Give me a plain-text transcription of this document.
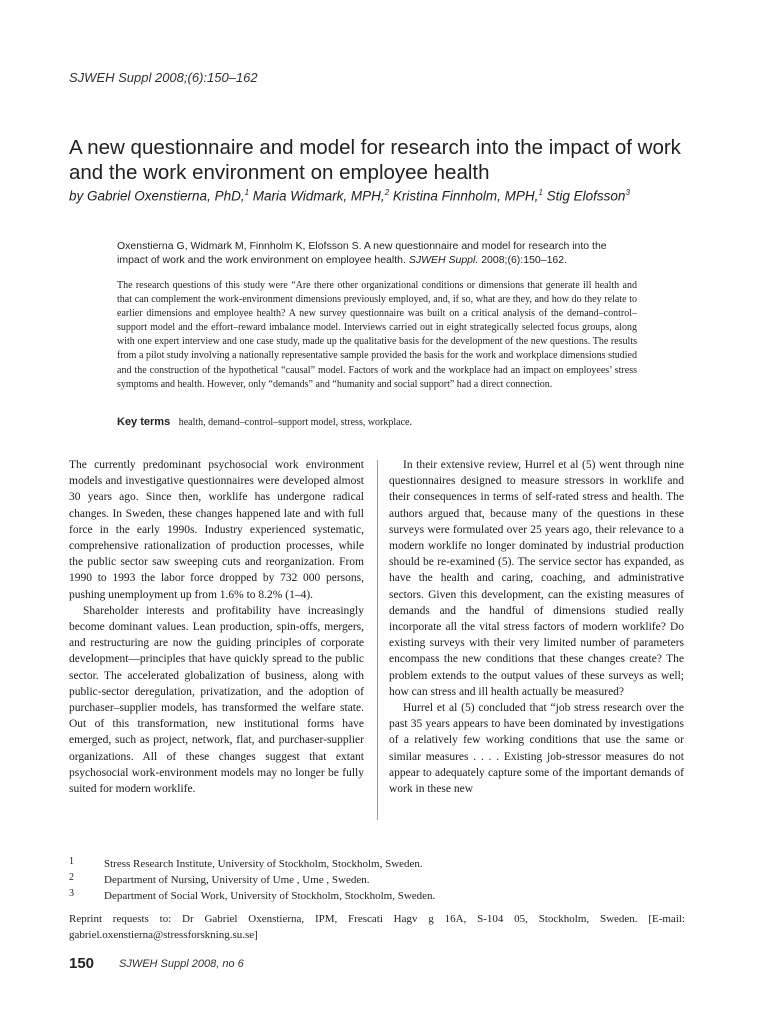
SJWEH Suppl 2008;(6):150–162
A new questionnaire and model for research into the impact of work and the work environment on employee health
by Gabriel Oxenstierna, PhD,$^1$ Maria Widmark, MPH,$^2$ Kristina Finnholm, MPH,$^1$ Stig Elofsson$^3$
Oxenstierna G, Widmark M, Finnholm K, Elofsson S. A new questionnaire and model for research into the impact of work and the work environment on employee health. SJWEH Suppl. 2008;(6):150–162.
The research questions of this study were “Are there other organizational conditions or dimensions that generate ill health and that can complement the work-environment dimensions previously employed, and, if so, what are they, and how do they relate to earlier dimensions and employee health? A new survey questionnaire was built on a critical analysis of the demand–control–support model and the effort–reward imbalance model. Interviews carried out in eight strategically selected focus groups, along with one expert interview and one case study, made up the qualitative basis for the development of the new questions. The results from a pilot study involving a nationally representative sample provided the basis for the work and workplace dimensions studied and the construction of the hypothetical “causal” model. Factors of work and the workplace had an impact on employees’ stress symptoms and health. However, only “demands” and “humanity and social support” had a direct connection.
Key terms health, demand–control–support model, stress, workplace.

The currently predominant psychosocial work environment models and investigative questionnaires were developed almost 30 years ago. Since then, worklife has undergone radical changes. In Sweden, these changes happened late and with full force in the early 1990s. Industry experienced systematic, comprehensive rationalization of production processes, while the public sector saw sweeping cuts and reorganization. From 1990 to 1993 the labor force dropped by 732 000 persons, pushing unemployment up from 1.6% to 8.2% (1–4).

Shareholder interests and profitability have increasingly become dominant values. Lean production, spin-offs, mergers, and restructuring are now the guiding principles of corporate development—principles that have quickly spread to the public sector. The accelerated globalization of business, along with public-sector deregulation, privatization, and the adoption of purchaser–supplier models, has transformed the welfare state. Out of this transformation, new institutional forms have emerged, such as project, network, flat, and purchaser-supplier organizations. All of these changes suggest that extant psychosocial work-environment models may no longer be fully suited for modern worklife.

In their extensive review, Hurrel et al (5) went through nine questionnaires designed to measure stressors in worklife and their consequences in terms of self-rated stress and health. The authors argued that, because many of the questions in these surveys were formulated over 25 years ago, their relevance to a modern worklife no longer dominated by industrial production should be re-examined (5). The service sector has expanded, as have the health and caring, coaching, and administrative sectors. Given this development, can the existing measures of demands and the handful of dimensions studied really incorporate all the vital stress factors of modern worklife? Do existing surveys with their very limited number of parameters encompass the new conditions that these changes create? The problem extends to the output values of these surveys as well; how can stress and ill health actually be measured?

Hurrel et al (5) concluded that “job stress research over the past 35 years appears to have been dominated by investigations of a relatively few working conditions that use the same or similar measures . . . . Existing job-stressor measures do not appear to adequately capture some of the important demands of work in these new

1	Stress Research Institute, University of Stockholm, Stockholm, Sweden.
2	Department of Nursing, University of Ume , Ume , Sweden.
3	Department of Social Work, University of Stockholm, Stockholm, Sweden.
Reprint requests to: Dr Gabriel Oxenstierna, IPM, Frescati Hagv g 16A, S-104 05, Stockholm, Sweden. [E-mail: gabriel.oxenstierna@stressforskning.su.se]
150 SJWEH Suppl 2008, no 6
